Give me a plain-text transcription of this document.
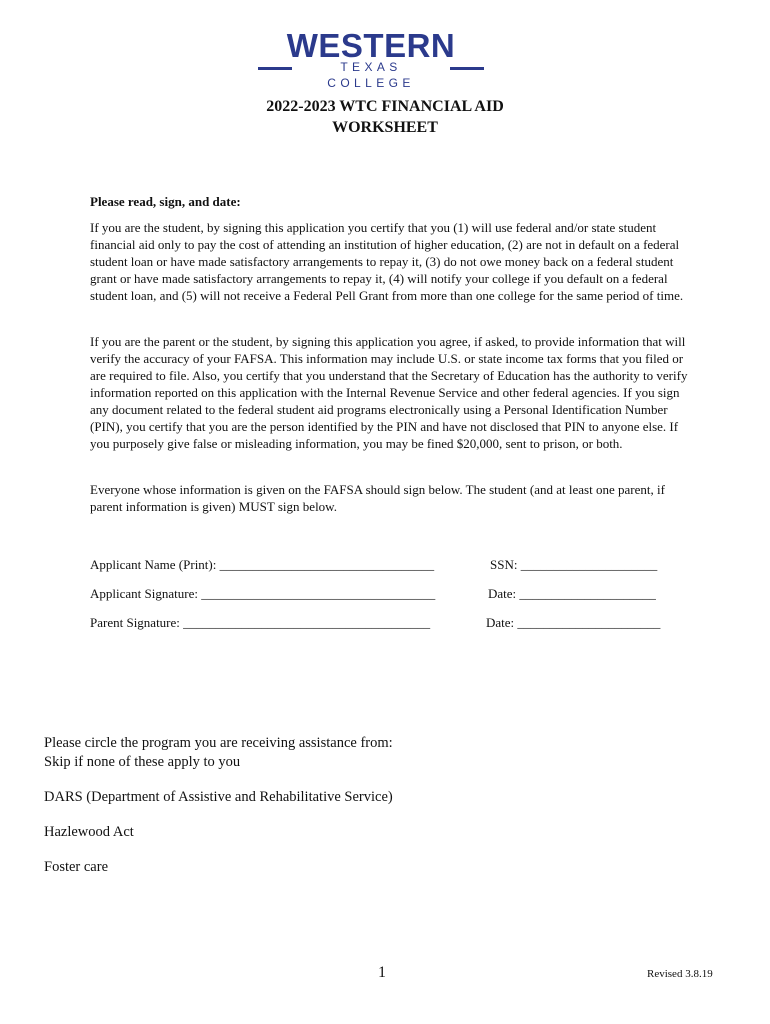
WESTERN
TEXAS COLLEGE
2022-2023 WTC FINANCIAL AID
WORKSHEET
Please read, sign, and date:

If you are the student, by signing this application you certify that you (1) will use federal and/or state student financial aid only to pay the cost of attending an institution of higher education, (2) are not in default on a federal student loan or have made satisfactory arrangements to repay it, (3) do not owe money back on a federal student grant or have made satisfactory arrangements to repay it, (4) will notify your college if you default on a federal student loan, and (5) will not receive a Federal Pell Grant from more than one college for the same period of time.

If you are the parent or the student, by signing this application you agree, if asked, to provide information that will verify the accuracy of your FAFSA. This information may include U.S. or state income tax forms that you filed or are required to file. Also, you certify that you understand that the Secretary of Education has the authority to verify information reported on this application with the Internal Revenue Service and other federal agencies. If you sign any document related to the federal student aid programs electronically using a Personal Identification Number (PIN), you certify that you are the person identified by the PIN and have not disclosed that PIN to anyone else. If you purposely give false or misleading information, you may be fined $20,000, sent to prison, or both.

Everyone whose information is given on the FAFSA should sign below. The student (and at least one parent, if parent information is given) MUST sign below.

Applicant Name (Print): _________________________________	SSN: _____________________
Applicant Signature: ____________________________________	Date: _____________________
Parent Signature: ______________________________________	Date: ______________________
Please circle the program you are receiving assistance from:
Skip if none of these apply to you
DARS (Department of Assistive and Rehabilitative Service)
Hazlewood Act
Foster care
1	Revised 3.8.19
